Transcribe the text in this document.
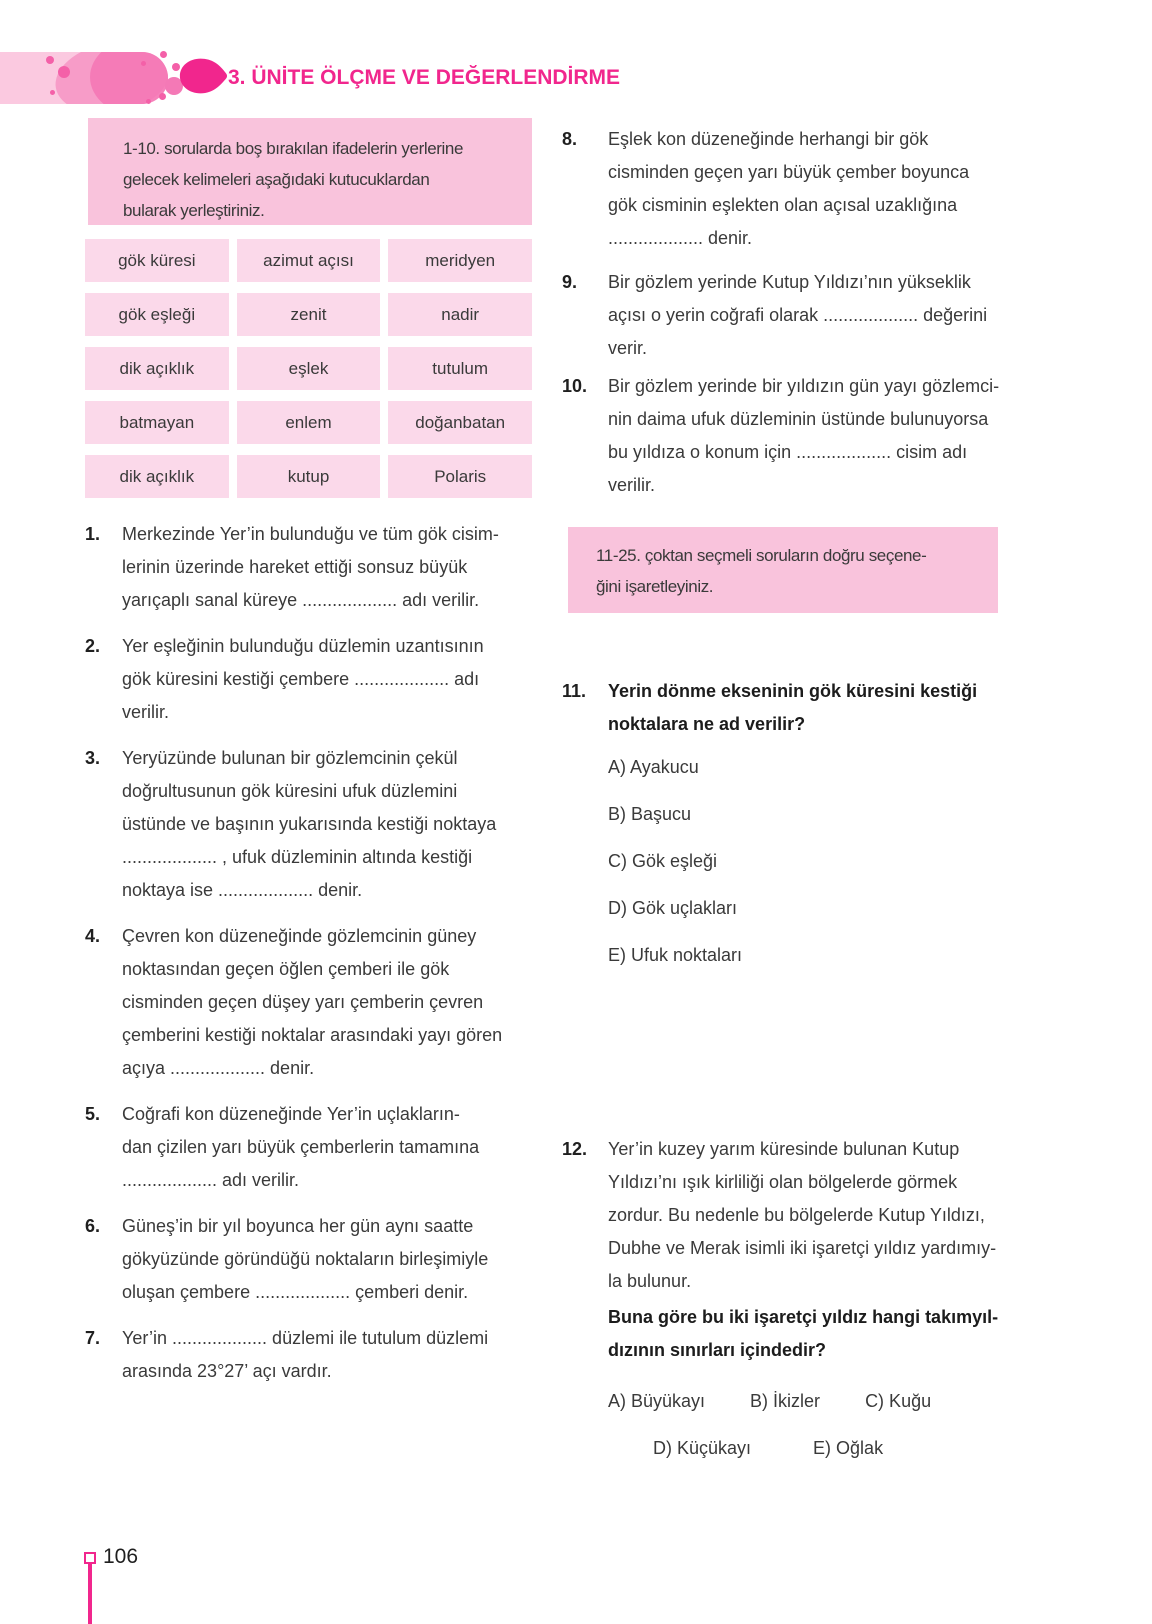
3. ÜNİTE ÖLÇME VE DEĞERLENDİRME
1-10. sorularda boş bırakılan ifadelerin yerlerine
gelecek kelimeleri aşağıdaki kutucuklardan
bularak yerleştiriniz.
gök küresi	azimut açısı	meridyen
gök eşleği	zenit	nadir
dik açıklık	eşlek	tutulum
batmayan	enlem	doğanbatan
dik açıklık	kutup	Polaris
1.	Merkezinde Yer’in bulunduğu ve tüm gök cisim-
lerinin üzerinde hareket ettiği sonsuz büyük
yarıçaplı sanal küreye ................... adı verilir.
2.	Yer eşleğinin bulunduğu düzlemin uzantısının
gök küresini kestiği çembere ................... adı
verilir.
3.	Yeryüzünde bulunan bir gözlemcinin çekül
doğrultusunun gök küresini ufuk düzlemini
üstünde ve başının yukarısında kestiği noktaya
................... , ufuk düzleminin altında kestiği
noktaya ise ................... denir.
4.	Çevren kon düzeneğinde gözlemcinin güney
noktasından geçen öğlen çemberi ile gök
cisminden geçen düşey yarı çemberin çevren
çemberini kestiği noktalar arasındaki yayı gören
açıya ................... denir.
5.	Coğrafi kon düzeneğinde Yer’in uçlakların-
dan çizilen yarı büyük çemberlerin tamamına
................... adı verilir.
6.	Güneş’in bir yıl boyunca her gün aynı saatte
gökyüzünde göründüğü noktaların birleşimiyle
oluşan çembere ................... çemberi denir.
7.	Yer’in ................... düzlemi ile tutulum düzlemi
arasında 23°27’ açı vardır.
8.	Eşlek kon düzeneğinde herhangi bir gök
cisminden geçen yarı büyük çember boyunca
gök cisminin eşlekten olan açısal uzaklığına
................... denir.
9.	Bir gözlem yerinde Kutup Yıldızı’nın yükseklik
açısı o yerin coğrafi olarak ................... değerini
verir.
10.	Bir gözlem yerinde bir yıldızın gün yayı gözlemci-
nin daima ufuk düzleminin üstünde bulunuyorsa
bu yıldıza o konum için ................... cisim adı
verilir.
11-25. çoktan seçmeli soruların doğru seçene-
ğini işaretleyiniz.
11.	Yerin dönme ekseninin gök küresini kestiği
noktalara ne ad verilir?
A) Ayakucu
B) Başucu
C) Gök eşleği
D) Gök uçlakları
E) Ufuk noktaları
12.	Yer’in kuzey yarım küresinde bulunan Kutup
Yıldızı’nı ışık kirliliği olan bölgelerde görmek
zordur. Bu nedenle bu bölgelerde Kutup Yıldızı,
Dubhe ve Merak isimli iki işaretçi yıldız yardımıy-
la bulunur.
Buna göre bu iki işaretçi yıldız hangi takımyıl-
dızının sınırları içindedir?
A) Büyükayı	B) İkizler	C) Kuğu
D) Küçükayı	E) Oğlak
106
